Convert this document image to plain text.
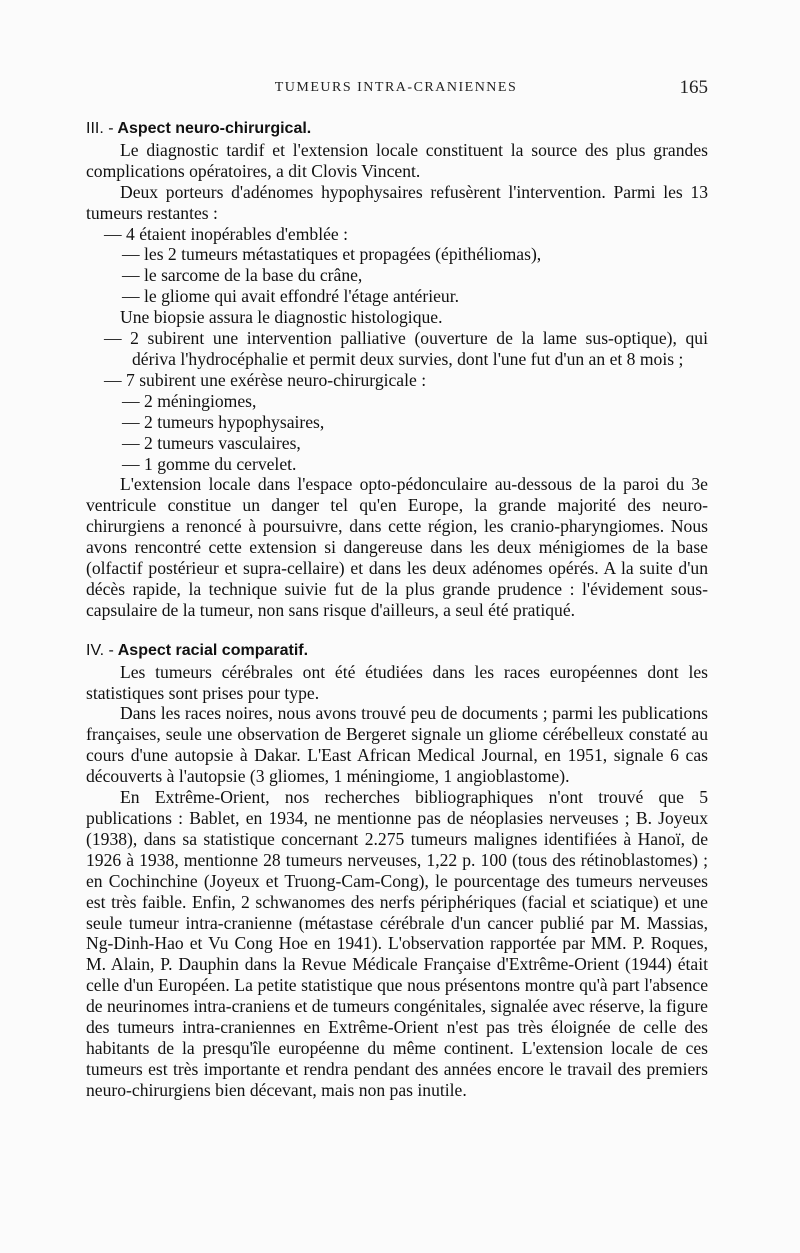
TUMEURS INTRA-CRANIENNES	165
III. - Aspect neuro-chirurgical.

Le diagnostic tardif et l'extension locale constituent la source des plus grandes complications opératoires, a dit Clovis Vincent.

Deux porteurs d'adénomes hypophysaires refusèrent l'intervention. Parmi les 13 tumeurs restantes :

— 4 étaient inopérables d'emblée :

— les 2 tumeurs métastatiques et propagées (épithéliomas),

— le sarcome de la base du crâne,

— le gliome qui avait effondré l'étage antérieur.

Une biopsie assura le diagnostic histologique.

— 2 subirent une intervention palliative (ouverture de la lame sus-optique), qui dériva l'hydrocéphalie et permit deux survies, dont l'une fut d'un an et 8 mois ;

— 7 subirent une exérèse neuro-chirurgicale :

— 2 méningiomes,

— 2 tumeurs hypophysaires,

— 2 tumeurs vasculaires,

— 1 gomme du cervelet.

L'extension locale dans l'espace opto-pédonculaire au-dessous de la paroi du 3e ventricule constitue un danger tel qu'en Europe, la grande majorité des neuro-chirurgiens a renoncé à poursuivre, dans cette région, les cranio-pharyngiomes. Nous avons rencontré cette extension si dangereuse dans les deux ménigiomes de la base (olfactif postérieur et supra-cellaire) et dans les deux adénomes opérés. A la suite d'un décès rapide, la technique suivie fut de la plus grande prudence : l'évidement sous-capsulaire de la tumeur, non sans risque d'ailleurs, a seul été pratiqué.

IV. - Aspect racial comparatif.

Les tumeurs cérébrales ont été étudiées dans les races européennes dont les statistiques sont prises pour type.

Dans les races noires, nous avons trouvé peu de documents ; parmi les publications françaises, seule une observation de Bergeret signale un gliome cérébelleux constaté au cours d'une autopsie à Dakar. L'East African Medical Journal, en 1951, signale 6 cas découverts à l'autopsie (3 gliomes, 1 méningiome, 1 angioblastome).

En Extrême-Orient, nos recherches bibliographiques n'ont trouvé que 5 publications : Bablet, en 1934, ne mentionne pas de néoplasies nerveuses ; B. Joyeux (1938), dans sa statistique concernant 2.275 tumeurs malignes identifiées à Hanoï, de 1926 à 1938, mentionne 28 tumeurs nerveuses, 1,22 p. 100 (tous des rétinoblastomes) ; en Cochinchine (Joyeux et Truong-Cam-Cong), le pourcentage des tumeurs nerveuses est très faible. Enfin, 2 schwanomes des nerfs périphériques (facial et sciatique) et une seule tumeur intra-cranienne (métastase cérébrale d'un cancer publié par M. Massias, Ng-Dinh-Hao et Vu Cong Hoe en 1941). L'observation rapportée par MM. P. Roques, M. Alain, P. Dauphin dans la Revue Médicale Française d'Extrême-Orient (1944) était celle d'un Européen. La petite statistique que nous présentons montre qu'à part l'absence de neurinomes intra-craniens et de tumeurs congénitales, signalée avec réserve, la figure des tumeurs intra-craniennes en Extrême-Orient n'est pas très éloignée de celle des habitants de la presqu'île européenne du même continent. L'extension locale de ces tumeurs est très importante et rendra pendant des années encore le travail des premiers neuro-chirurgiens bien décevant, mais non pas inutile.
